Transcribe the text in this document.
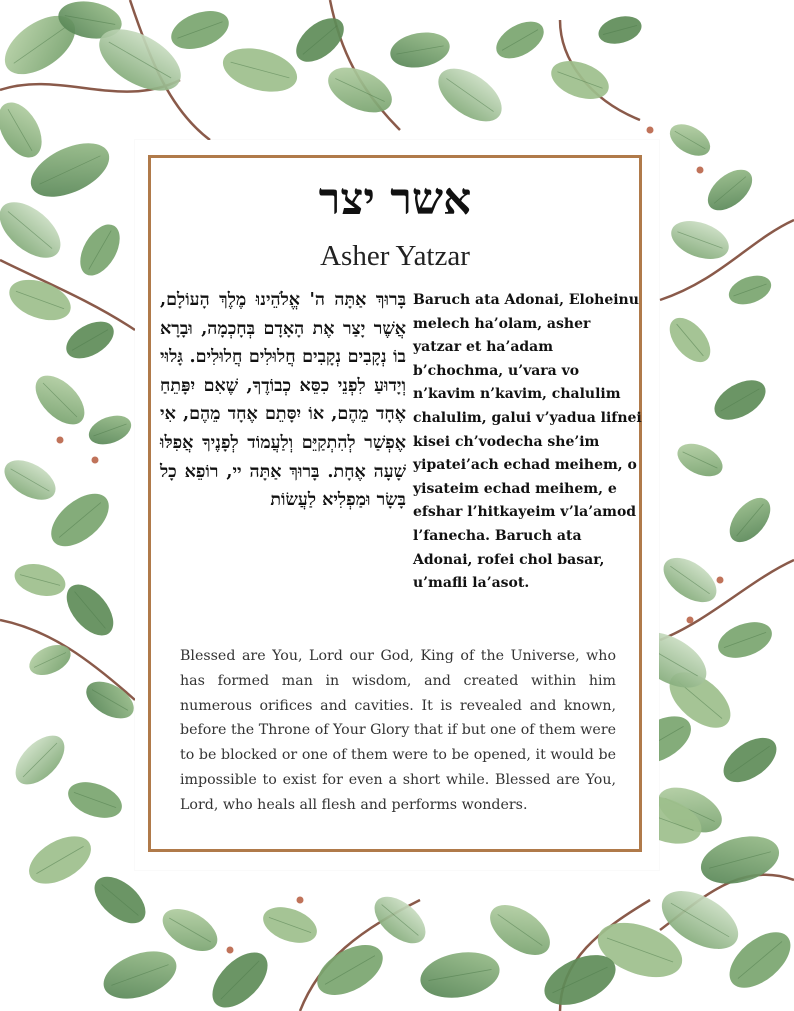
אשר יצר
Asher Yatzar
בָּרוּךְ אַתָּה ה' אֱלֹהֵינוּ מֶלֶךְ הָעוֹלָם, אֲשֶׁר יָצַר אֶת הָאָדָם בְּחָכְמָה, וּבָרָא בוֹ נְקָבִים נְקָבִים חֲלוּלִים חֲלוּלִים. גָּלוּי וְיָדוּעַ לִפְנֵי כִסֵּא כְבוֹדֶךָ, שֶׁאִם יִפָּתֵחַ אֶחָד מֵהֶם, אוֹ יִסָּתֵם אֶחָד מֵהֶם, אִי אֶפְשַׁר לְהִתְקַיֵּם וְלַעֲמוֹד לְפָנֶיךָ אֲפִלּוּ שָׁעָה אֶחָת. בָּרוּךְ אַתָּה יי, רוֹפֵא כָל בָּשָׂר וּמַפְלִיא לַעֲשׂוֹת
Baruch ata Adonai, Eloheinu melech ha’olam, asher yatzar et ha’adam b’chochma, u’vara vo n’kavim n’kavim, chalulim chalulim, galui v’yadua lifnei kisei ch’vodecha she’im yipatei’ach echad meihem, o yisateim echad meihem, e efshar l’hitkayeim v’la’amod l’fanecha. Baruch ata Adonai, rofei chol basar, u’mafli la’asot.
Blessed are You, Lord our God, King of the Universe, who has formed man in wisdom, and created within him numerous orifices and cavities. It is revealed and known, before the Throne of Your Glory that if but one of them were to be blocked or one of them were to be opened, it would be impossible to exist for even a short while. Blessed are You, Lord, who heals all flesh and performs wonders.
